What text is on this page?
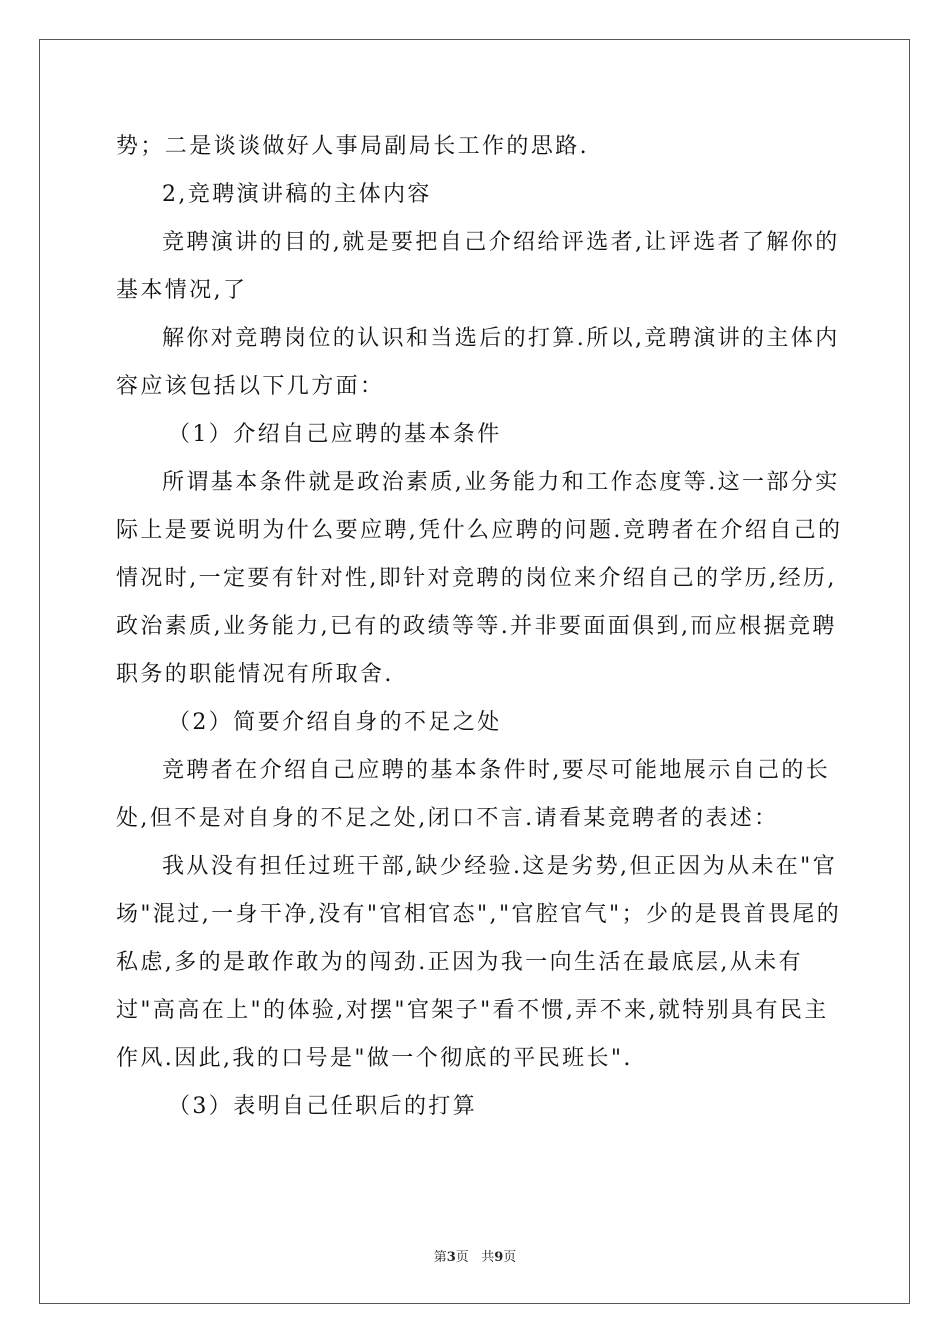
势；二是谈谈做好人事局副局长工作的思路.
2,竞聘演讲稿的主体内容
竞聘演讲的目的,就是要把自己介绍给评选者,让评选者了解你的
基本情况,了
解你对竞聘岗位的认识和当选后的打算.所以,竞聘演讲的主体内
容应该包括以下几方面：
（1）介绍自己应聘的基本条件
所谓基本条件就是政治素质,业务能力和工作态度等.这一部分实
际上是要说明为什么要应聘,凭什么应聘的问题.竞聘者在介绍自己的
情况时,一定要有针对性,即针对竞聘的岗位来介绍自己的学历,经历,
政治素质,业务能力,已有的政绩等等.并非要面面俱到,而应根据竞聘
职务的职能情况有所取舍.
（2）简要介绍自身的不足之处
竞聘者在介绍自己应聘的基本条件时,要尽可能地展示自己的长
处,但不是对自身的不足之处,闭口不言.请看某竞聘者的表述：
我从没有担任过班干部,缺少经验.这是劣势,但正因为从未在"官
场"混过,一身干净,没有"官相官态","官腔官气"；少的是畏首畏尾的
私虑,多的是敢作敢为的闯劲.正因为我一向生活在最底层,从未有
过"高高在上"的体验,对摆"官架子"看不惯,弄不来,就特别具有民主
作风.因此,我的口号是"做一个彻底的平民班长".
（3）表明自己任职后的打算
第3页 共9页
